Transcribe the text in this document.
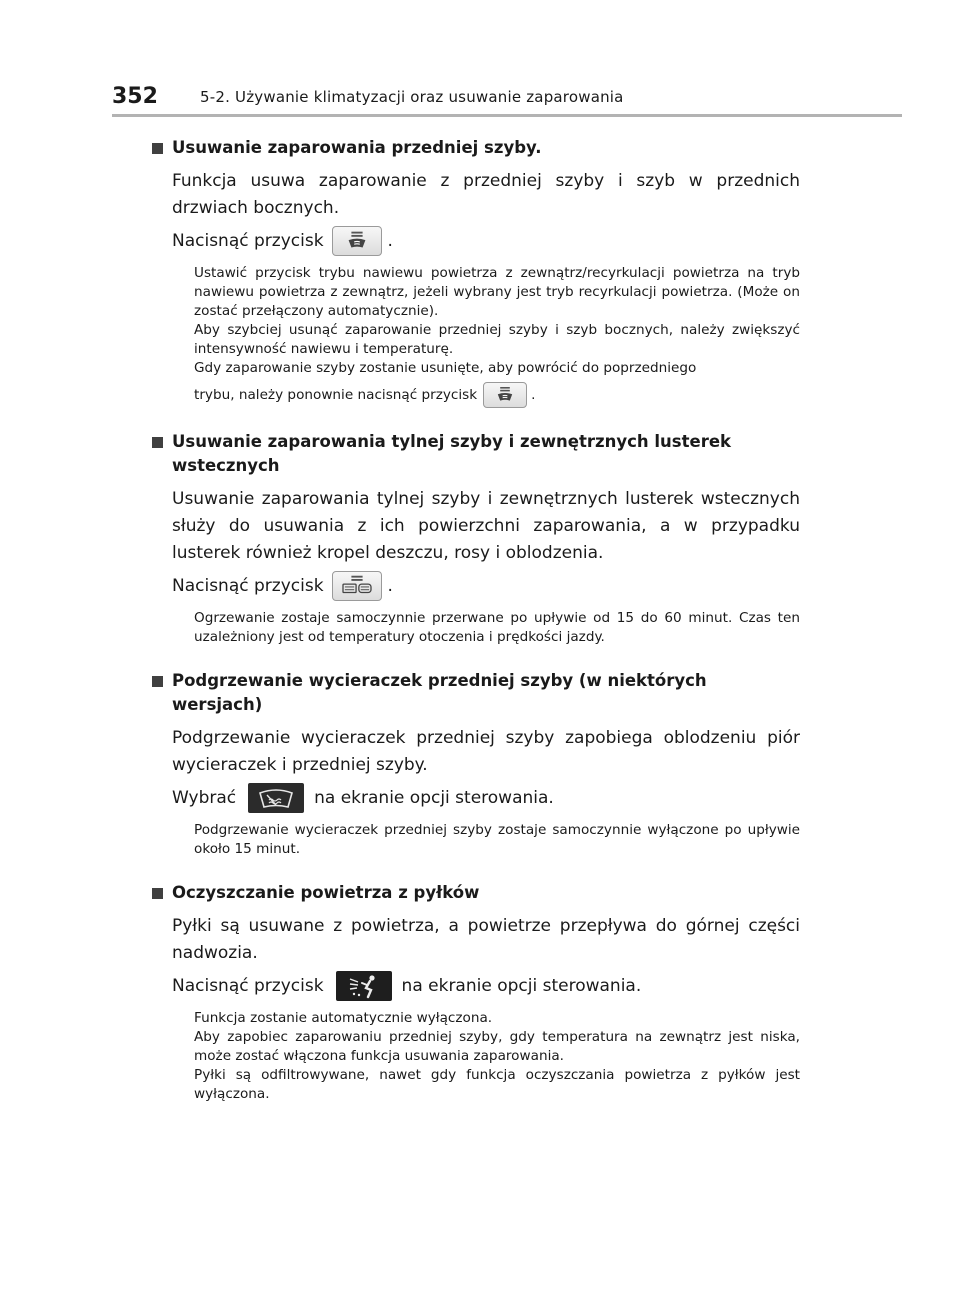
352	5-2. Używanie klimatyzacji oraz usuwanie zaparowania
Usuwanie zaparowania przedniej szyby.
Funkcja usuwa zaparowanie z przedniej szyby i szyb w przednich drzwiach bocznych.
Nacisnąć przycisk	.
Ustawić przycisk trybu nawiewu powietrza z zewnątrz/recyrkulacji powietrza na tryb nawiewu powietrza z zewnątrz, jeżeli wybrany jest tryb recyrkulacji powietrza. (Może on zostać przełączony automatycznie).
Aby szybciej usunąć zaparowanie przedniej szyby i szyb bocznych, należy zwiększyć intensywność nawiewu i temperaturę.
Gdy zaparowanie szyby zostanie usunięte, aby powrócić do poprzedniego
trybu, należy ponownie nacisnąć przycisk	.
Usuwanie zaparowania tylnej szyby i zewnętrznych lusterek wstecznych
Usuwanie zaparowania tylnej szyby i zewnętrznych lusterek wstecznych służy do usuwania z ich powierzchni zaparowania, a w przypadku lusterek również kropel deszczu, rosy i oblodzenia.
Nacisnąć przycisk	.
Ogrzewanie zostaje samoczynnie przerwane po upływie od 15 do 60 minut. Czas ten uzależniony jest od temperatury otoczenia i prędkości jazdy.
Podgrzewanie wycieraczek przedniej szyby (w niektórych wersjach)
Podgrzewanie wycieraczek przedniej szyby zapobiega oblodzeniu piór wycieraczek i przedniej szyby.
Wybrać	na ekranie opcji sterowania.
Podgrzewanie wycieraczek przedniej szyby zostaje samoczynnie wyłączone po upływie około 15 minut.
Oczyszczanie powietrza z pyłków
Pyłki są usuwane z powietrza, a powietrze przepływa do górnej części nadwozia.
Nacisnąć przycisk	na ekranie opcji sterowania.
Funkcja zostanie automatycznie wyłączona.
Aby zapobiec zaparowaniu przedniej szyby, gdy temperatura na zewnątrz jest niska, może zostać włączona funkcja usuwania zaparowania.
Pyłki są odfiltrowywane, nawet gdy funkcja oczyszczania powietrza z pyłków jest wyłączona.
